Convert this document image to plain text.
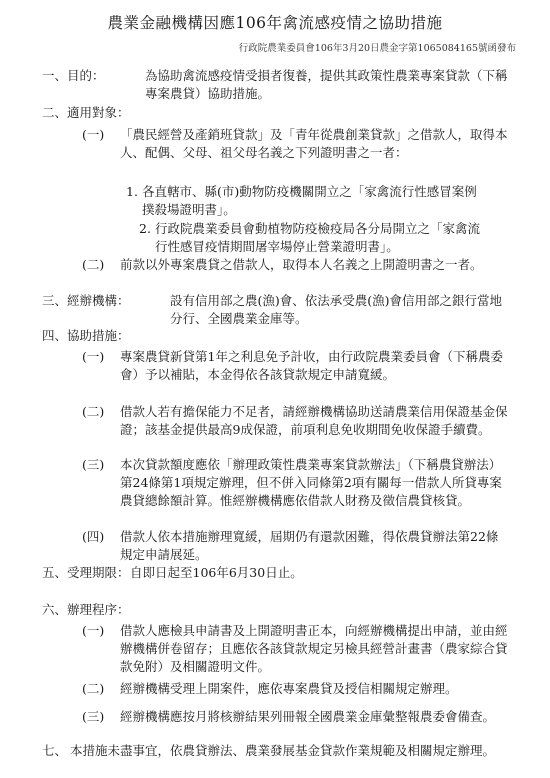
農業金融機構因應106年禽流感疫情之協助措施
行政院農業委員會106年3月20日農金字第1065084165號函發布
一、目的：	為協助禽流感疫情受損者復養，提供其政策性農業專案貸款（下稱專案農貸）協助措施。
二、適用對象：
(一) 「農民經營及產銷班貸款」及「青年從農創業貸款」之借款人，取得本人、配偶、父母、祖父母名義之下列證明書之一者：
1. 各直轄市、縣(市)動物防疫機關開立之「家禽流行性感冒案例撲殺場證明書」。
2. 行政院農業委員會動植物防疫檢疫局各分局開立之「家禽流行性感冒疫情期間屠宰場停止營業證明書」。
(二) 前款以外專案農貸之借款人，取得本人名義之上開證明書之一者。
三、經辦機構：	設有信用部之農(漁)會、依法承受農(漁)會信用部之銀行當地分行、全國農業金庫等。
四、協助措施：
(一) 專案農貸新貸第1年之利息免予計收，由行政院農業委員會（下稱農委會）予以補貼，本金得依各該貸款規定申請寬緩。
(二) 借款人若有擔保能力不足者，請經辦機構協助送請農業信用保證基金保證；該基金提供最高9成保證，前項利息免收期間免收保證手續費。
(三) 本次貸款額度應依「辦理政策性農業專案貸款辦法」（下稱農貸辦法）第24條第1項規定辦理，但不併入同條第2項有關每一借款人所貸專案農貸總餘額計算。惟經辦機構應依借款人財務及徵信農貸核貸。
(四) 借款人依本措施辦理寬緩，屆期仍有還款困難，得依農貸辦法第22條規定申請展延。
五、受理期限： 自即日起至106年6月30日止。
六、辦理程序：
(一) 借款人應檢具申請書及上開證明書正本，向經辦機構提出申請，並由經辦機構併卷留存；且應依各該貸款規定另檢具經營計畫書（農家綜合貸款免附）及相關證明文件。
(二) 經辦機構受理上開案件，應依專案農貸及授信相關規定辦理。
(三) 經辦機構應按月將核辦結果列冊報全國農業金庫彙整報農委會備查。
七、 本措施未盡事宜，依農貸辦法、農業發展基金貸款作業規範及相關規定辦理。
